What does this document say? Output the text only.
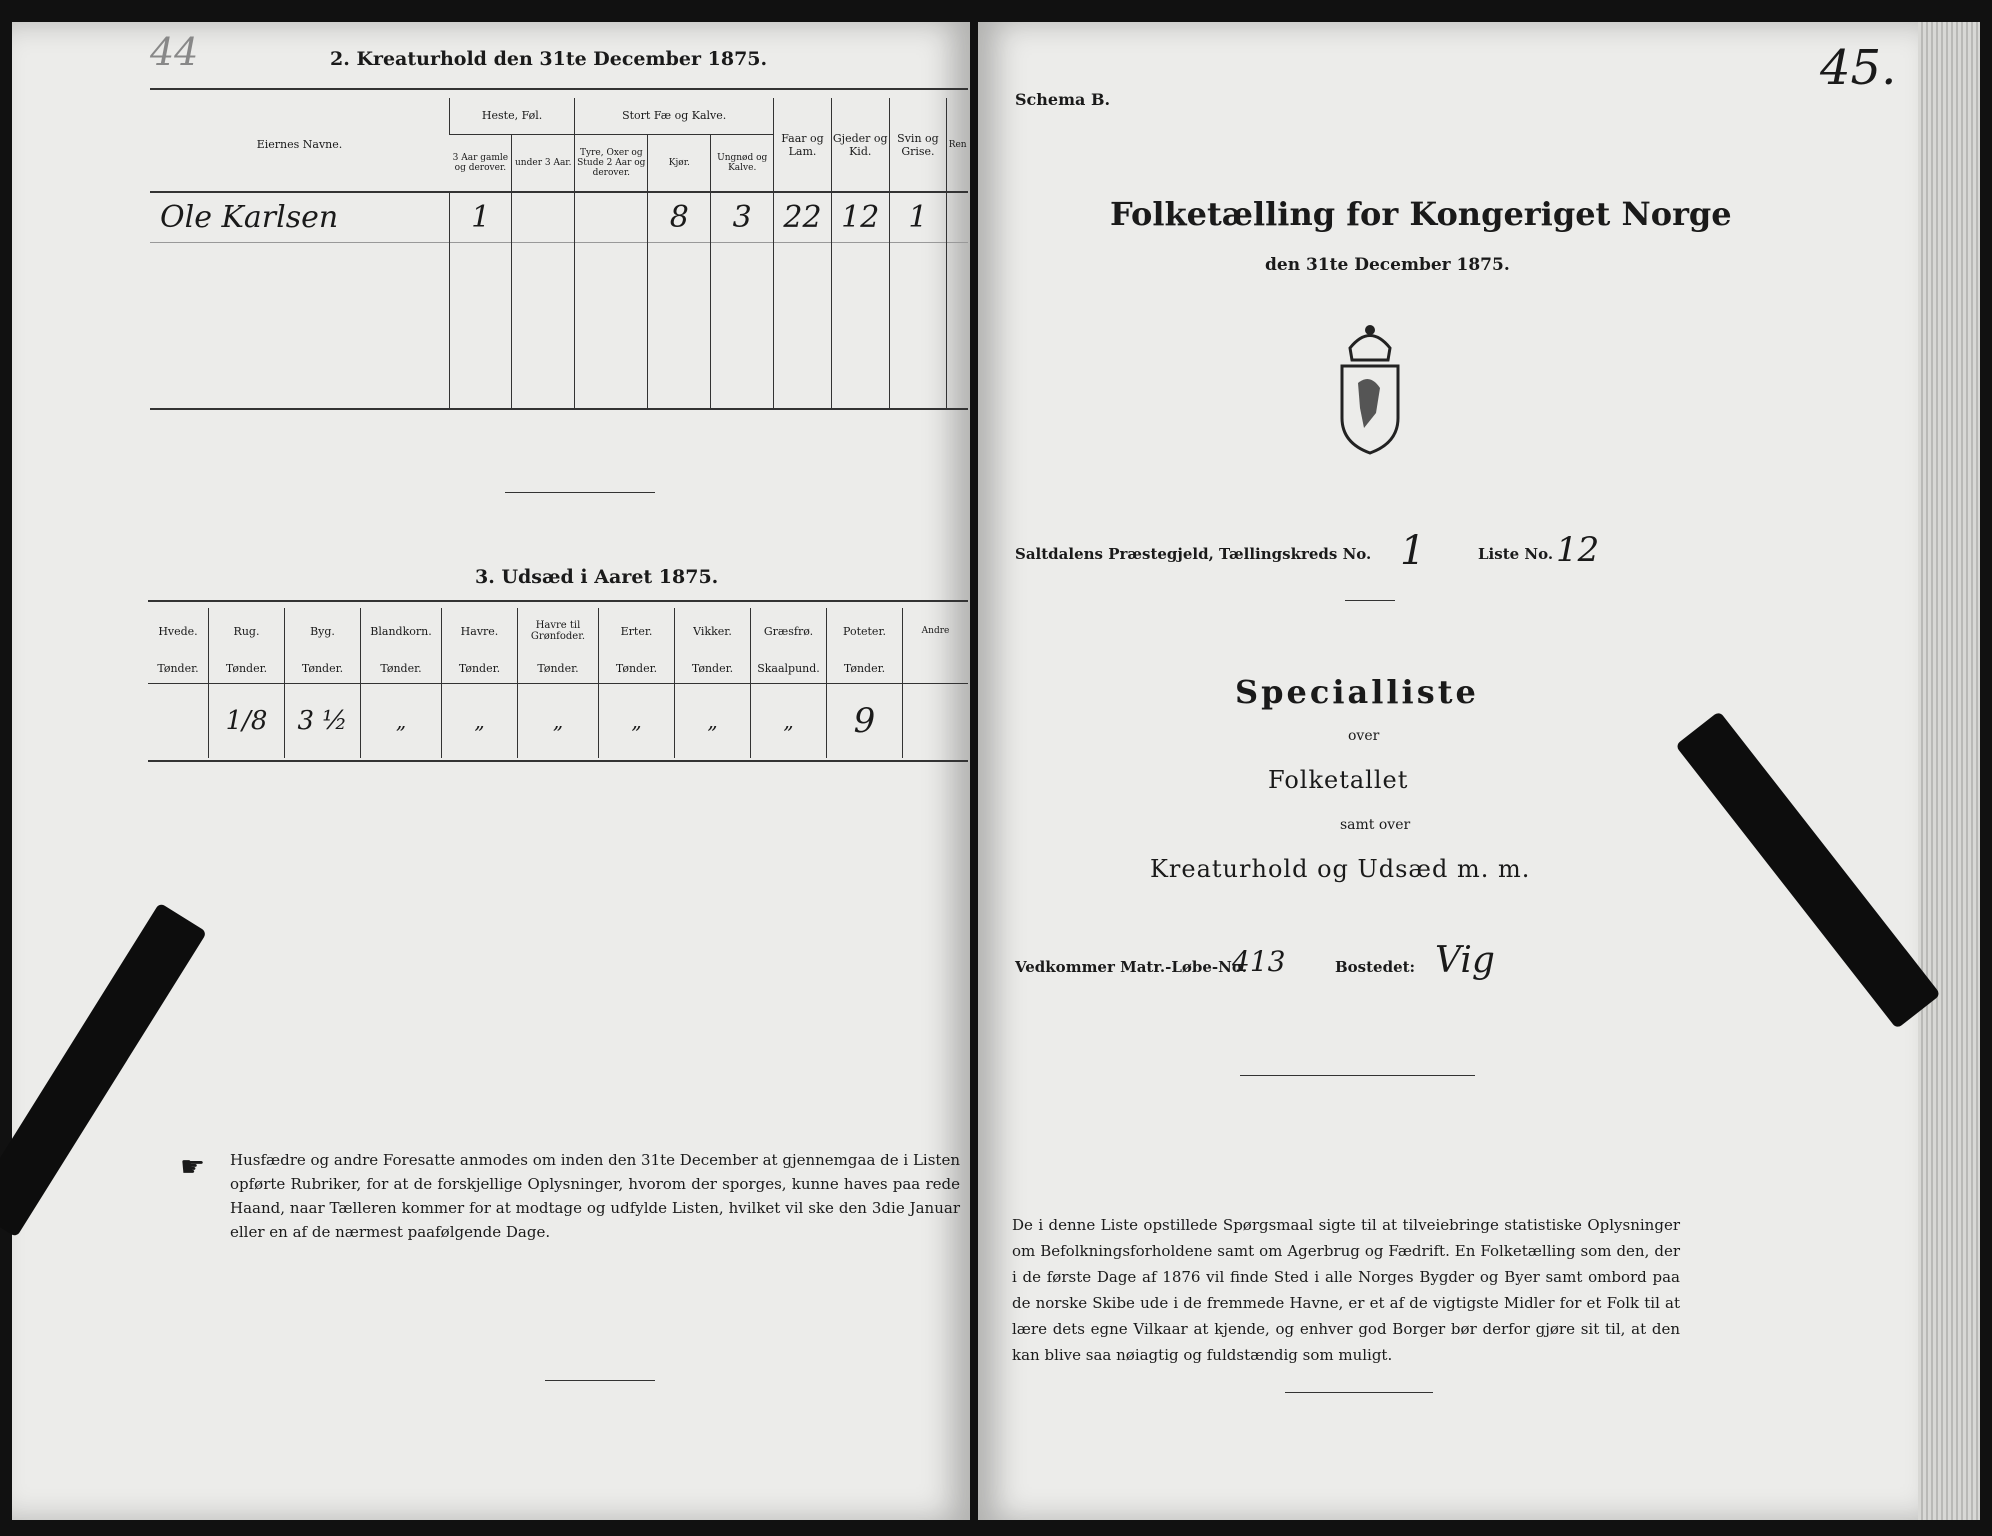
44	2. Kreaturhold den 31te December 1875.
Eiernes Navne.	Heste, Føl.		Stort Fæ og Kalve.			Faar og Lam.	Gjeder og Kid.	Svin og Grise.	Ren
	3 Aar gamle og derover.	under 3 Aar.	Tyre, Oxer og Stude 2 Aar og derover.	Kjør.	Ungnød og Kalve.				
Ole Karlsen	1			8	3	22	12	1	

3. Udsæd i Aaret 1875.
Hvede.	Rug.	Byg.	Blandkorn.	Havre.	Havre til Grønfoder.	Erter.	Vikker.	Græsfrø.	Poteter.	Andre
Tønder.	Tønder.	Tønder.	Tønder.	Tønder.	Tønder.	Tønder.	Tønder.	Skaalpund.	Tønder.	
	1/8	3 ½	„	„	„	„	„	„	9	
☛ Husfædre og andre Foresatte anmodes om inden den 31te December at gjennemgaa de i Listen opførte Rubriker, for at de forskjellige Oplysninger, hvorom der sporges, kunne haves paa rede Haand, naar Tælleren kommer for at modtage og udfylde Listen, hvilket vil ske den 3die Januar eller en af de nærmest paafølgende Dage.
Schema B.
45.
Folketælling for Kongeriget Norge
den 31te December 1875.
Saltdalens Præstegjeld, Tællingskreds No. 1	Liste No. 12
Specialliste
over
Folketallet
samt over
Kreaturhold og Udsæd m. m.
Vedkommer Matr.-Løbe-No.
413	Bostedet: Vig
De i denne Liste opstillede Spørgsmaal sigte til at tilveiebringe statistiske Oplysninger om Befolkningsforholdene samt om Agerbrug og Fædrift. En Folketælling som den, der i de første Dage af 1876 vil finde Sted i alle Norges Bygder og Byer samt ombord paa de norske Skibe ude i de fremmede Havne, er et af de vigtigste Midler for et Folk til at lære dets egne Vilkaar at kjende, og enhver god Borger bør derfor gjøre sit til, at den kan blive saa nøiagtig og fuldstændig som muligt.
